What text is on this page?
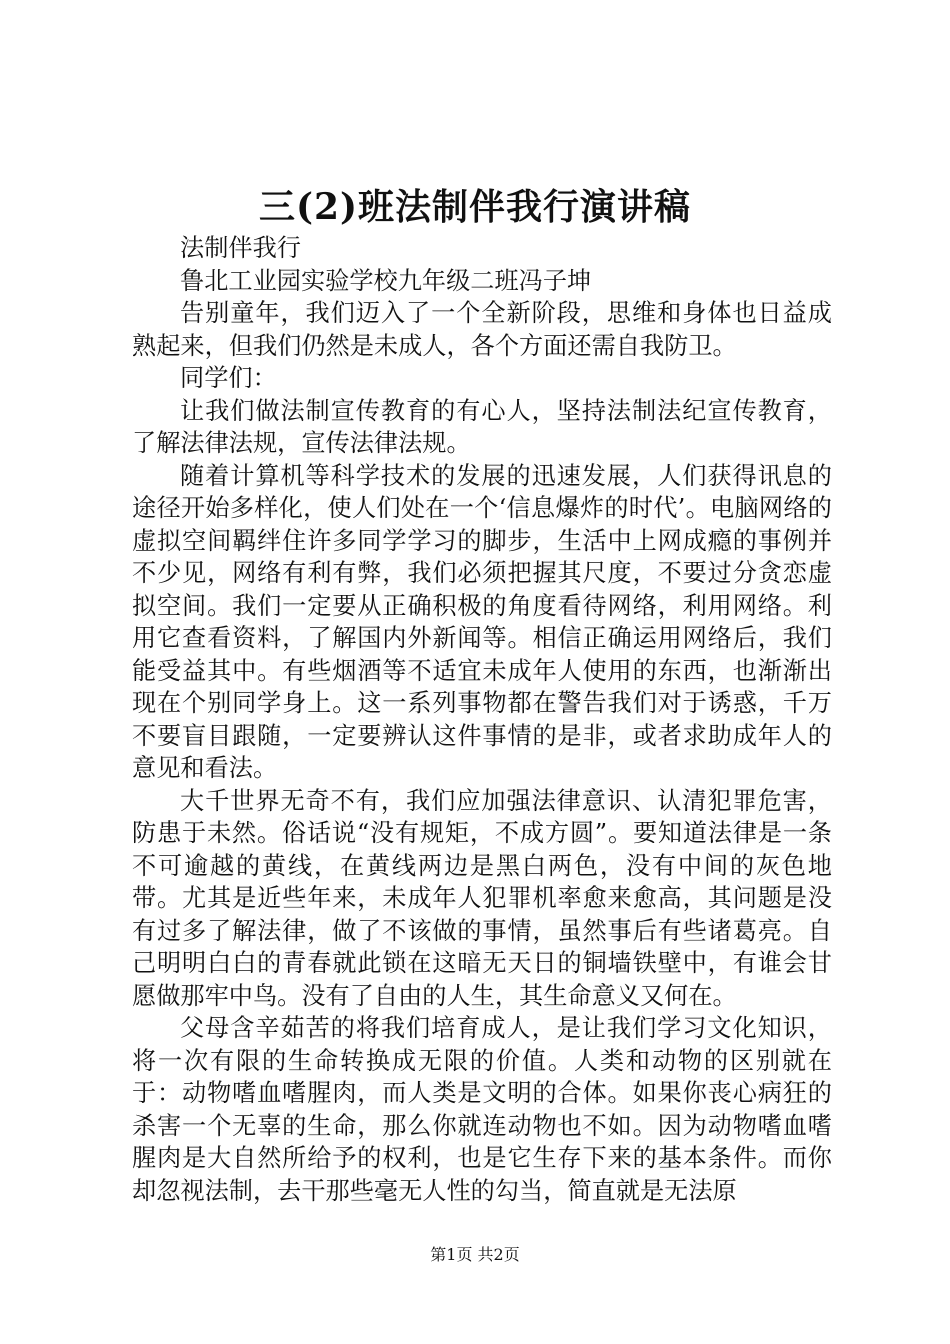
三(2)班法制伴我行演讲稿

法制伴我行

鲁北工业园实验学校九年级二班冯子坤

告别童年，我们迈入了一个全新阶段，思维和身体也日益成熟起来，但我们仍然是未成人，各个方面还需自我防卫。

同学们：

让我们做法制宣传教育的有心人，坚持法制法纪宣传教育，了解法律法规，宣传法律法规。

随着计算机等科学技术的发展的迅速发展，人们获得讯息的途径开始多样化，使人们处在一个‘信息爆炸的时代’。电脑网络的虚拟空间羁绊住许多同学学习的脚步，生活中上网成瘾的事例并不少见，网络有利有弊，我们必须把握其尺度，不要过分贪恋虚拟空间。我们一定要从正确积极的角度看待网络，利用网络。利用它查看资料，了解国内外新闻等。相信正确运用网络后，我们能受益其中。有些烟酒等不适宜未成年人使用的东西，也渐渐出现在个别同学身上。这一系列事物都在警告我们对于诱惑，千万不要盲目跟随，一定要辨认这件事情的是非，或者求助成年人的意见和看法。

大千世界无奇不有，我们应加强法律意识、认清犯罪危害，防患于未然。俗话说“没有规矩，不成方圆”。要知道法律是一条不可逾越的黄线，在黄线两边是黑白两色，没有中间的灰色地带。尤其是近些年来，未成年人犯罪机率愈来愈高，其问题是没有过多了解法律，做了不该做的事情，虽然事后有些诸葛亮。自己明明白白的青春就此锁在这暗无天日的铜墙铁壁中，有谁会甘愿做那牢中鸟。没有了自由的人生，其生命意义又何在。

父母含辛茹苦的将我们培育成人，是让我们学习文化知识，将一次有限的生命转换成无限的价值。人类和动物的区别就在于：动物嗜血嗜腥肉，而人类是文明的合体。如果你丧心病狂的杀害一个无辜的生命，那么你就连动物也不如。因为动物嗜血嗜腥肉是大自然所给予的权利，也是它生存下来的基本条件。而你却忽视法制，去干那些毫无人性的勾当，简直就是无法原

第1页 共2页
